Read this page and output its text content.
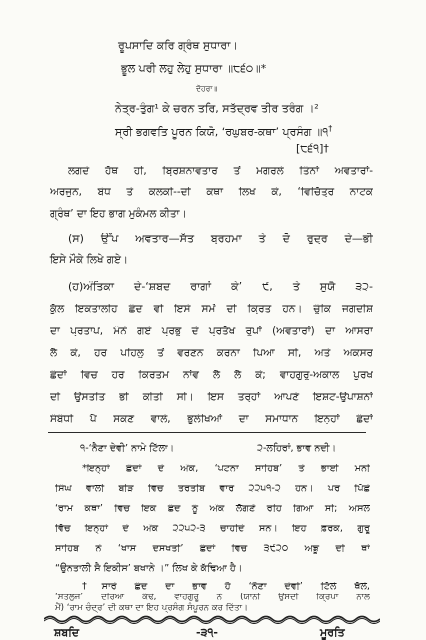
ਰੂਪਸਾਦਿ ਕਰਿ ਗ੍ਰੰਥ ਸੁਧਾਰਾ।
ਭੂਲ ਪਰੀ ਲਹੁ ਲੇਹੁ ਸੁਧਾਰਾ ॥੮੬੦॥*
ਦੋਹਰਾ॥
ਨੇਤ੍ਰ-ਤੁੰਗ¹ ਕੇ ਚਰਨ ਤਰਿ, ਸਤੱਦ੍ਰਵ ਤੀਰ ਤਰੰਗ ।²
ਸ੍ਰੀ ਭਗਵਤਿ ਪੂਰਨ ਕਿਯੋ, ‘ਰਘੁਬਰ-ਕਥਾ’ ਪ੍ਰਸੰਗ ॥੧†
[੮੬੧]†
ਲਗਦੇ ਹੱਥ ਹੀ, ਬ੍ਰਿਸ਼ਨਾਵਤਾਰ ਤੋਂ ਮਗਰਲੇ ਤਿੰਨਾਂ ਅਵਤਾਰਾਂ-
ਅਰਜੁਨ, ਬੋਧ ਤੇ ਕਲਕੀ--ਦੀ ਕਥਾ ਲਿਖ ਕੇ, ‘ਵਿਚਿੱਤ੍ਰ ਨਾਟਕ
ਗ੍ਰੰਥ’ ਦਾ ਇਹ ਭਾਗ ਮੁਕੰਮਲ ਕੀਤਾ।
(ਸ) ਉੱਪ ਅਵਤਾਰ—ਸੱਤ ਬ੍ਰਹਮਾ ਤੇ ਦੋ ਰੁਦ੍ਰ ਦੇ—ਭੀ
ਇਸੇ ਮੌਕੇ ਲਿਖੇ ਗਏ।
(ਹ)ਅੰਤਿਕਾ ਦੇ-‘ਸ਼ਬਦ ਰਾਗਾਂ ਕੇ’ ੯, ਤੇ ਸੁਯੈ ੩੨-
ਕੁੱਲ ਇਕਤਾਲੀਹ ਛੰਦ ਵੀ ਇਸੇ ਸਮੇਂ ਦੀ ਕ੍ਰਿਤ ਹਨ। ਚੂੰਕਿ ਜਗਦੀਸ਼
ਦਾ ਪ੍ਰਤਾਪ, ਮੰਨੇ ਗਏ ਪ੍ਰਭੂ ਦੇ ਪ੍ਰਤੱਖ ਰੂਪਾਂ (ਅਵਤਾਰਾਂ) ਦਾ ਆਸਰਾ
ਲੈ ਕੇ, ਹਰ ਪਹਿਲੂ ਤੋਂ ਵਰਣਨ ਕਰਨਾ ਪਿਆ ਸੀ, ਅਤੇ ਅਕਸਰ
ਛੰਦਾਂ ਵਿਚ ਹਰ ਕਿਰਤਮ ਨਾਂਵ ਲੈ ਲੈ ਕੇ; ਵਾਹਗੁਰੂ-ਅਕਾਲ ਪੁਰਖ
ਦੀ ਉਸਤਤਿ ਭੀ ਕੀਤੀ ਸੀ। ਇਸ ਤਰ੍ਹਾਂ ਆਪਣੇ ਇਸ਼ਟ-ਉਪਾਸ਼ਨਾਂ
ਸੰਬੰਧੀ ਪੈ ਸਕਣ ਵਾਲੇ, ਭੁਲੇਖਿਆਂ ਦਾ ਸਮਾਧਾਨ ਇਨ੍ਹਾਂ ਛੰਦਾਂ
੧-‘ਨੈਣਾ ਦੇਵੀ’ ਨਾਮੇ ਟਿੱਲਾ।	੨-ਲਹਿਰਾਂ, ਭਾਵ ਨਦੀ।
*ਇਨ੍ਹਾਂ ਛੰਦਾਂ ਦੇ ਅੰਕ, ‘ਪਟਨਾ ਸਾਹਿਬ’ ਤੇ ਭਾਈ ਮਨੀ
ਸਿੰਘ ਵਾਲੀ ਬੀੜ ਵਿਚ ਤਰਤੀਬ ਵਾਰ ੨੨੫੧-੨ ਹਨ। ਪਰ ਪਿੱਛੇ
‘ਰਾਮ ਕਥਾ’ ਵਿਚ ਇਕ ਛੰਦ ਨੂੰ ਅੰਕ ਲੱਗਣੋਂ ਰਹਿ ਗਿਆ ਸੀ; ਅਸਲ
ਵਿੱਚ ਇਨ੍ਹਾਂ ਦੇ ਅੰਕ ੨੨੫੨-੩ ਚਾਹੀਦੇ ਸਨ। ਇਹ ਫ਼ਰਕ, ਗੁਰੂ
ਸਾਹਿਬ ਨੇ ‘ਖਾਸ ਦਸਖਤੀ’ ਛੰਦਾਂ ਵਿਚ ੩੯੨੦ ਅਙੂ ਦੀ ਥਾਂ
“ਉਨਤਾਲੀ ਸੈ ਇਕੀਸ’ ਬਖਾਨੇ ।” ਲਿਖ ਕੇ ਕੱਢਿਆ ਹੈ।
†ਸਾਰੇ ਛੰਦ ਦਾ ਭਾਵ ਹੈ ‘ਨੈਣਾ ਦੇਵੀ’ ਟਿੱਲੇ ਥੱਲੇ,
‘ਸਤਲੁਜ’ ਦਰਿਆ ਕੰਢੇ, ਵਾਹਗੁਰੂ ਨੇ (ਯਾਨੀ ਉਸਦੀ ਕ੍ਰਿਪਾ ਨਾਲ
ਮੈਂ) ‘ਰਾਮ ਚੰਦ੍ਰ’ ਦੀ ਕਥਾ ਦਾ ਇਹ ਪ੍ਰਸੰਗ ਸੰਪੂਰਨ ਕਰ ਦਿੱਤਾ।
ਸ਼ਬਦਿ	-੩੧-	ਮੂਰਤਿ
